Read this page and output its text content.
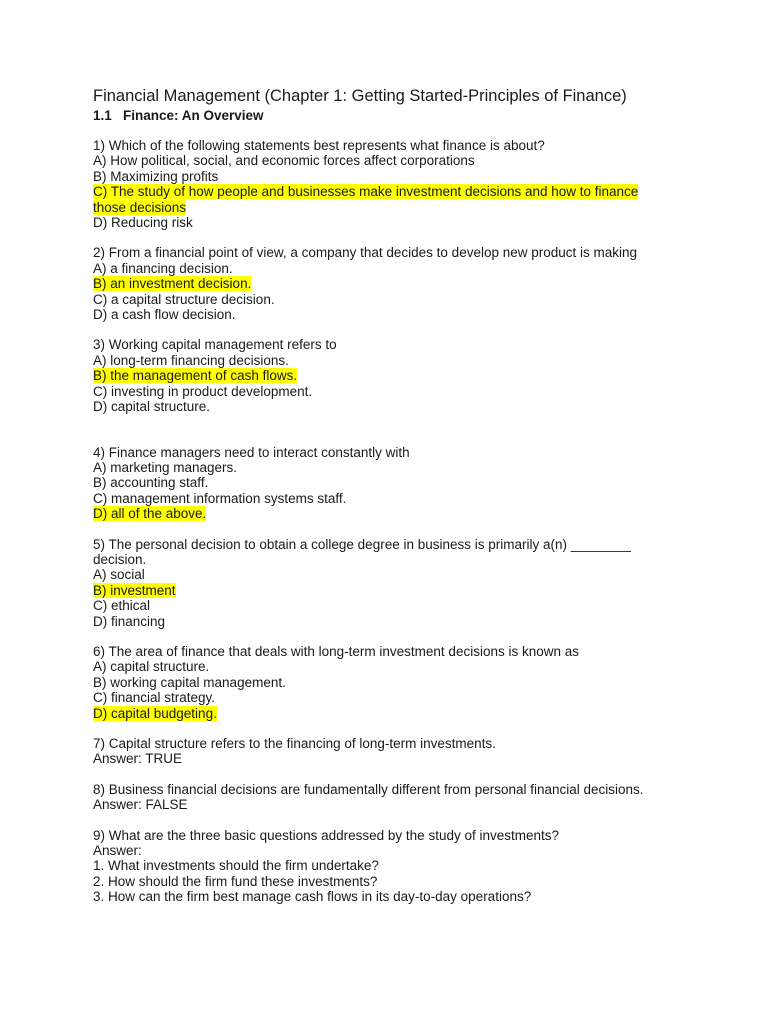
Financial Management (Chapter 1: Getting Started-Principles of Finance)
1.1   Finance: An Overview
1) Which of the following statements best represents what finance is about?
A) How political, social, and economic forces affect corporations
B) Maximizing profits
C) The study of how people and businesses make investment decisions and how to finance
those decisions
D) Reducing risk
2) From a financial point of view, a company that decides to develop new product is making
A) a financing decision.
B) an investment decision.
C) a capital structure decision.
D) a cash flow decision.
3) Working capital management refers to
A) long-term financing decisions.
B) the management of cash flows.
C) investing in product development.
D) capital structure.
4) Finance managers need to interact constantly with
A) marketing managers.
B) accounting staff.
C) management information systems staff.
D) all of the above.
5) The personal decision to obtain a college degree in business is primarily a(n) ________
decision.
A) social
B) investment
C) ethical
D) financing
6) The area of finance that deals with long-term investment decisions is known as
A) capital structure.
B) working capital management.
C) financial strategy.
D) capital budgeting.
7) Capital structure refers to the financing of long-term investments.
Answer: TRUE
8) Business financial decisions are fundamentally different from personal financial decisions.
Answer: FALSE
9) What are the three basic questions addressed by the study of investments?
Answer:
1. What investments should the firm undertake?
2. How should the firm fund these investments?
3. How can the firm best manage cash flows in its day-to-day operations?
